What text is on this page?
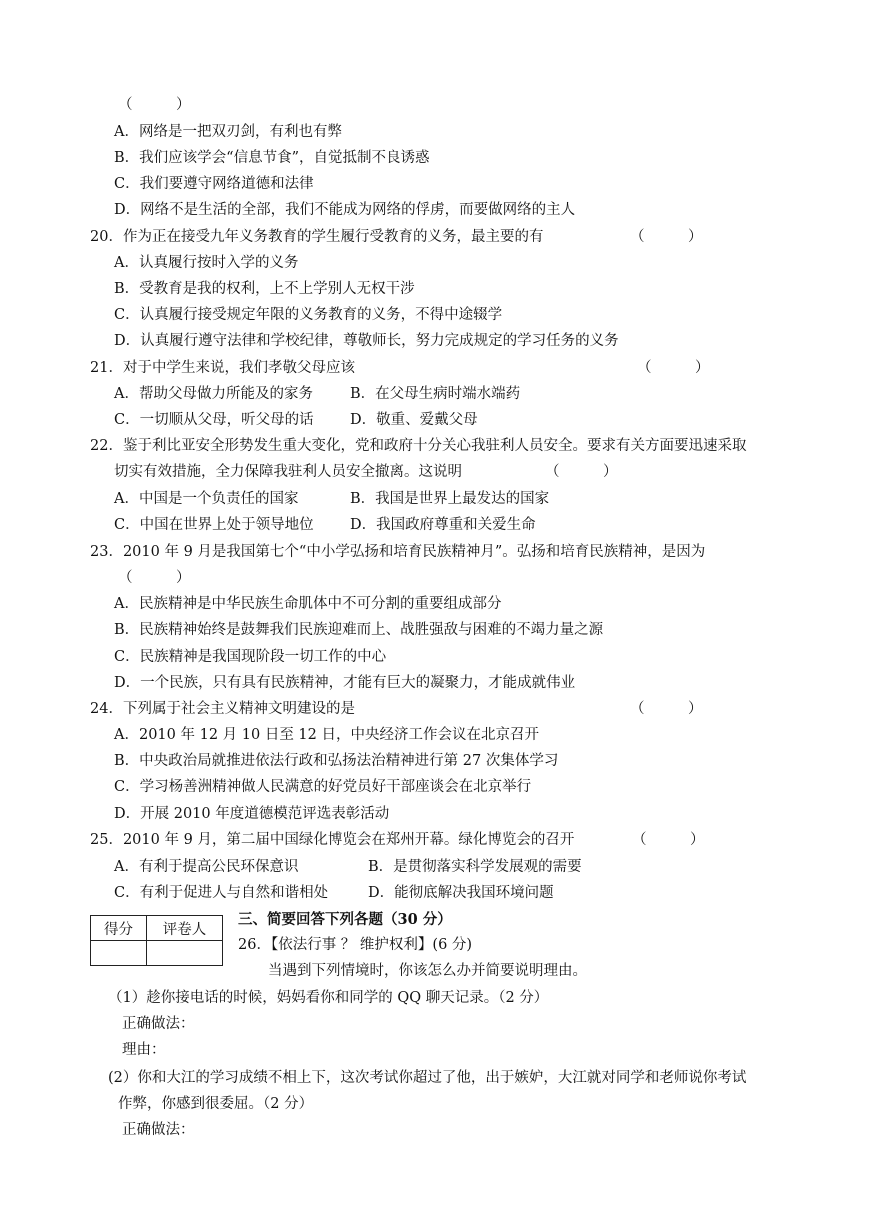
（　　　）
A．网络是一把双刃剑，有利也有弊
B．我们应该学会“信息节食”，自觉抵制不良诱惑
C．我们要遵守网络道德和法律
D．网络不是生活的全部，我们不能成为网络的俘虏，而要做网络的主人
20．作为正在接受九年义务教育的学生履行受教育的义务，最主要的有	（　　　）
A．认真履行按时入学的义务
B．受教育是我的权利，上不上学别人无权干涉
C．认真履行接受规定年限的义务教育的义务，不得中途辍学
D．认真履行遵守法律和学校纪律，尊敬师长，努力完成规定的学习任务的义务
21．对于中学生来说，我们孝敬父母应该	（　　　）
A．帮助父母做力所能及的家务	B．在父母生病时端水端药
C．一切顺从父母，听父母的话	D．敬重、爱戴父母
22．鉴于利比亚安全形势发生重大变化，党和政府十分关心我驻利人员安全。要求有关方面要迅速采取
切实有效措施，全力保障我驻利人员安全撤离。这说明	（　　　）
A．中国是一个负责任的国家	B．我国是世界上最发达的国家
C．中国在世界上处于领导地位	D．我国政府尊重和关爱生命
23．2010 年 9 月是我国第七个“中小学弘扬和培育民族精神月”。弘扬和培育民族精神，是因为
（　　　）
A．民族精神是中华民族生命肌体中不可分割的重要组成部分
B．民族精神始终是鼓舞我们民族迎难而上、战胜强敌与困难的不竭力量之源
C．民族精神是我国现阶段一切工作的中心
D．一个民族，只有具有民族精神，才能有巨大的凝聚力，才能成就伟业
24．下列属于社会主义精神文明建设的是	（　　　）
A．2010 年 12 月 10 日至 12 日，中央经济工作会议在北京召开
B．中央政治局就推进依法行政和弘扬法治精神进行第 27 次集体学习
C．学习杨善洲精神做人民满意的好党员好干部座谈会在北京举行
D．开展 2010 年度道德模范评选表彰活动
25．2010 年 9 月，第二届中国绿化博览会在郑州开幕。绿化博览会的召开	（　　　）
A．有利于提高公民环保意识	B．是贯彻落实科学发展观的需要
C．有利于促进人与自然和谐相处	D．能彻底解决我国环境问题
得分	评卷人

三、简要回答下列各题（30 分）
26．【依法行事 ？ 维护权利】(6 分)
当遇到下列情境时，你该怎么办并简要说明理由。
（1）趁你接电话的时候，妈妈看你和同学的 QQ 聊天记录。（2 分）
正确做法：
理由：
(2）你和大江的学习成绩不相上下，这次考试你超过了他，出于嫉妒，大江就对同学和老师说你考试
作弊，你感到很委屈。（2 分）
正确做法：
